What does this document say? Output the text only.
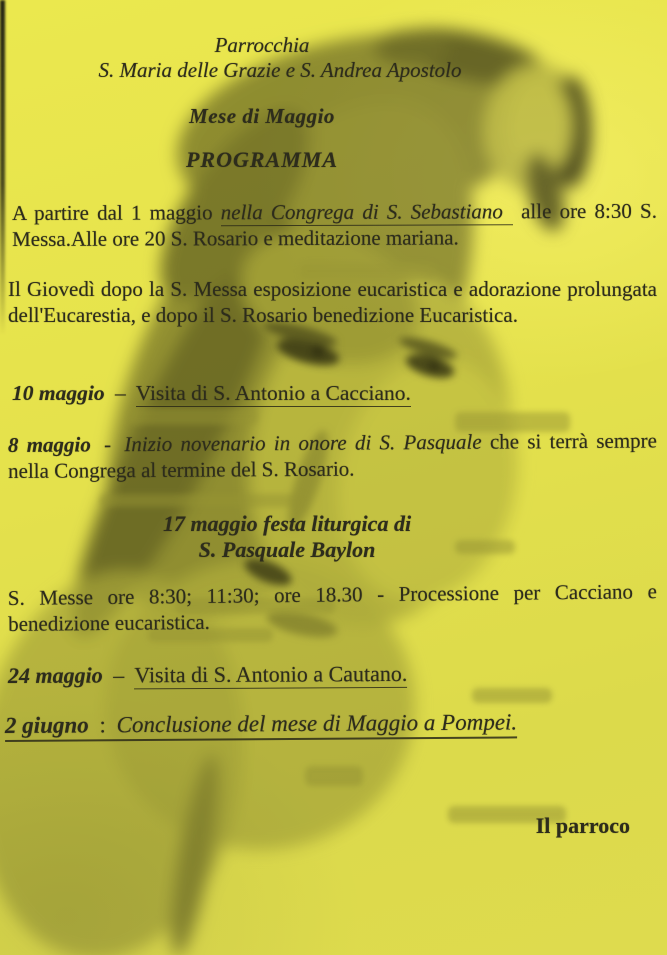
Parrocchia
S. Maria delle Grazie e S. Andrea Apostolo
Mese di Maggio
PROGRAMMA

A partire dal 1 maggio nella Congrega di S. Sebastiano alle ore 8:30 S. Messa.Alle ore 20 S. Rosario e meditazione mariana.

Il Giovedì dopo la S. Messa esposizione eucaristica e adorazione prolungata dell'Eucarestia, e dopo il S. Rosario benedizione Eucaristica.

10 maggio – Visita di S. Antonio a Cacciano.

8 maggio - Inizio novenario in onore di S. Pasquale che si terrà sempre nella Congrega al termine del S. Rosario.

17 maggio festa liturgica di
S. Pasquale Baylon

S. Messe ore 8:30; 11:30; ore 18.30 - Processione per Cacciano e benedizione eucaristica.

24 maggio – Visita di S. Antonio a Cautano.
2 giugno : Conclusione del mese di Maggio a Pompei.
Il parroco
